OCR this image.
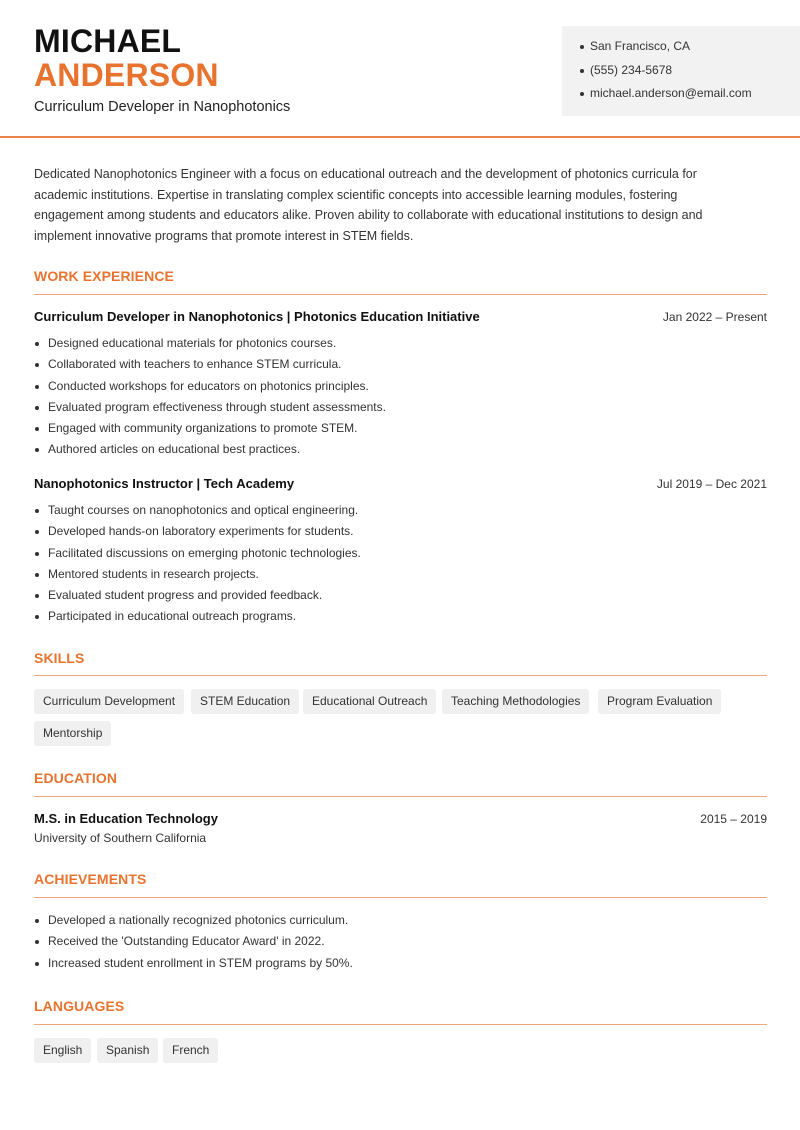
MICHAEL
ANDERSON
Curriculum Developer in Nanophotonics
San Francisco, CA
(555) 234-5678
michael.anderson@email.com

Dedicated Nanophotonics Engineer with a focus on educational outreach and the development of photonics curricula for academic institutions. Expertise in translating complex scientific concepts into accessible learning modules, fostering engagement among students and educators alike. Proven ability to collaborate with educational institutions to design and implement innovative programs that promote interest in STEM fields.

WORK EXPERIENCE
Curriculum Developer in Nanophotonics | Photonics Education Initiative	Jan 2022 – Present
Designed educational materials for photonics courses.
Collaborated with teachers to enhance STEM curricula.
Conducted workshops for educators on photonics principles.
Evaluated program effectiveness through student assessments.
Engaged with community organizations to promote STEM.
Authored articles on educational best practices.
Nanophotonics Instructor | Tech Academy	Jul 2019 – Dec 2021
Taught courses on nanophotonics and optical engineering.
Developed hands-on laboratory experiments for students.
Facilitated discussions on emerging photonic technologies.
Mentored students in research projects.
Evaluated student progress and provided feedback.
Participated in educational outreach programs.
SKILLS
Curriculum Development	STEM Education	Educational Outreach	Teaching Methodologies	Program Evaluation
Mentorship
EDUCATION
M.S. in Education Technology	2015 – 2019
University of Southern California
ACHIEVEMENTS
Developed a nationally recognized photonics curriculum.
Received the 'Outstanding Educator Award' in 2022.
Increased student enrollment in STEM programs by 50%.
LANGUAGES
English	Spanish	French
